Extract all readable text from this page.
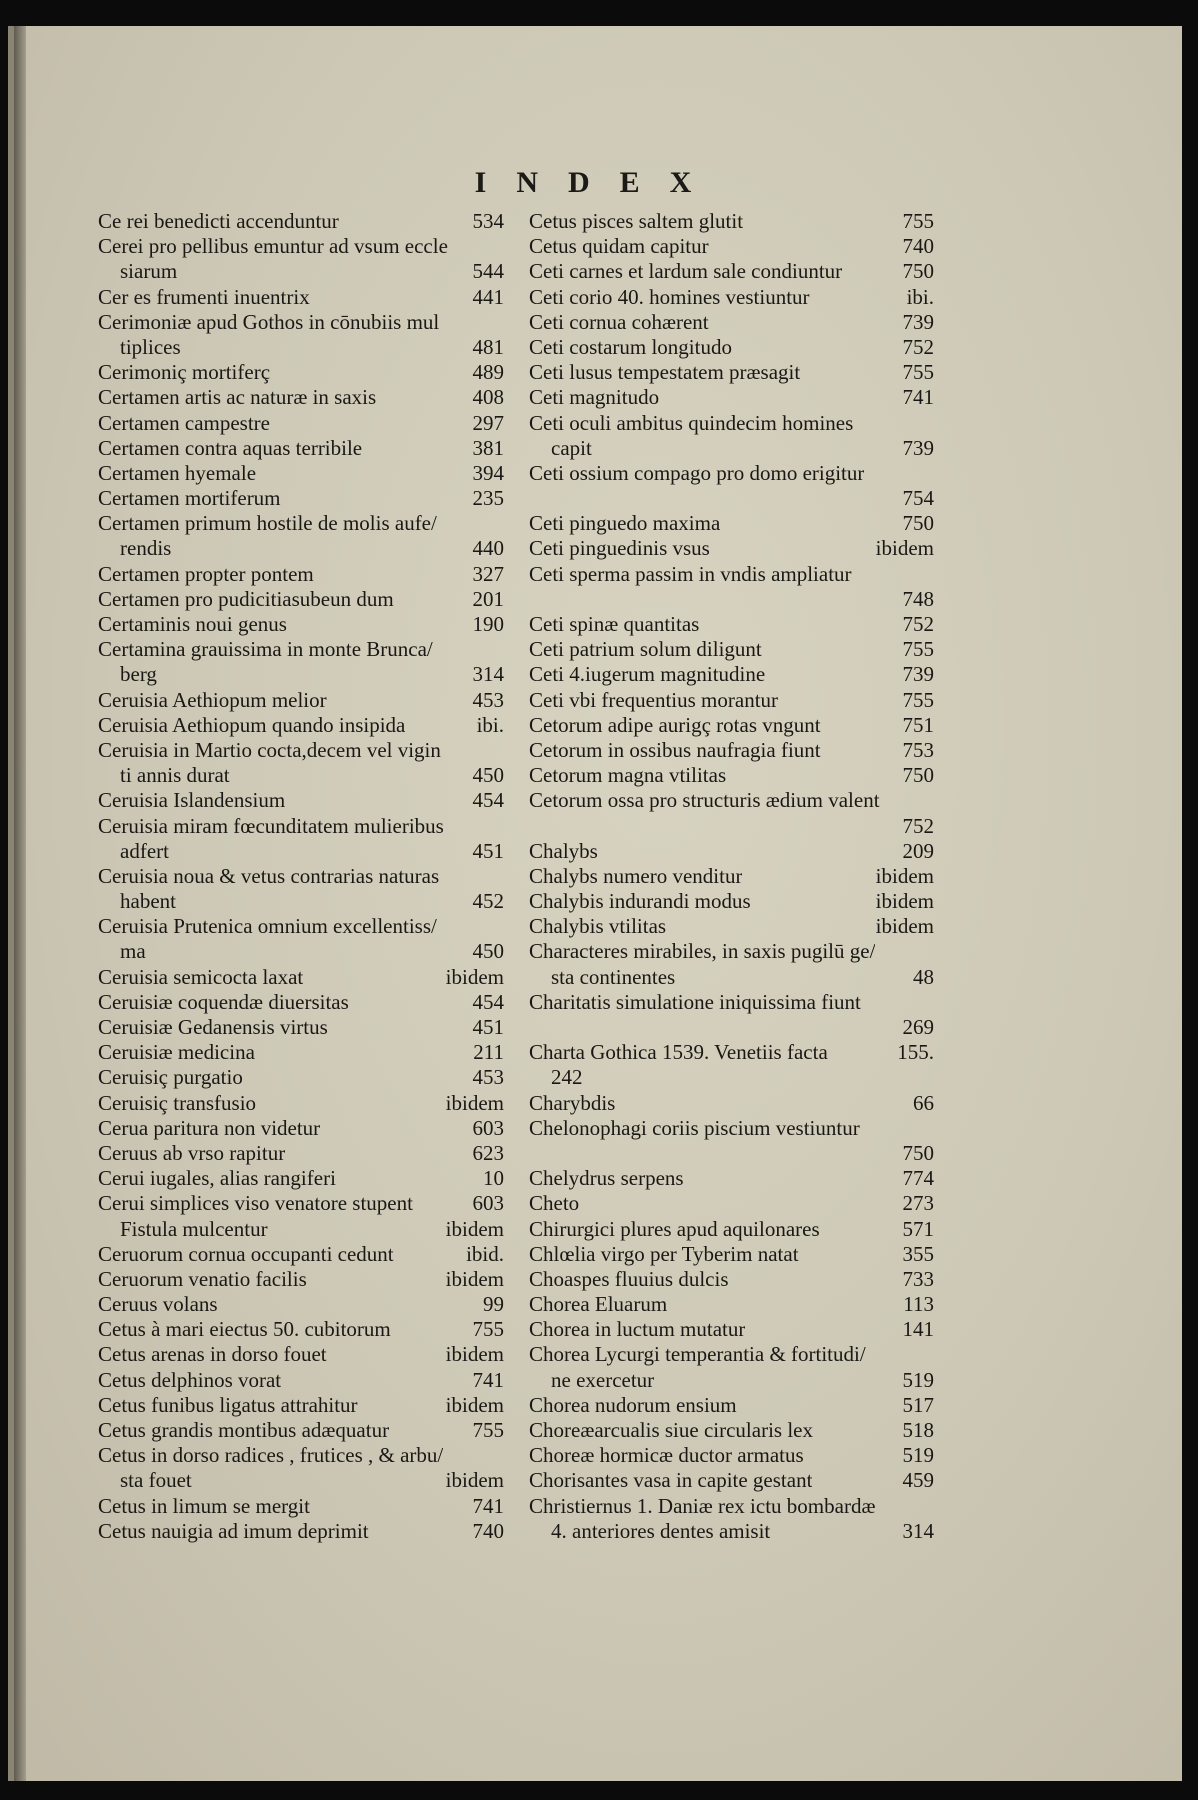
INDEX
Ce rei benedicti accenduntur	534
Cerei pro pellibus emuntur ad vsum eccle
siarum	544
Cer es frumenti inuentrix	441
Cerimoniæ apud Gothos in cōnubiis mul
tiplices	481
Cerimoniç mortiferç	489
Certamen artis ac naturæ in saxis	408
Certamen campestre	297
Certamen contra aquas terribile	381
Certamen hyemale	394
Certamen mortiferum	235
Certamen primum hostile de molis aufe/
rendis	440
Certamen propter pontem	327
Certamen pro pudicitiasubeun dum	201
Certaminis noui genus	190
Certamina grauissima in monte Brunca/
berg	314
Ceruisia Aethiopum melior	453
Ceruisia Aethiopum quando insipida	ibi.
Ceruisia in Martio cocta,decem vel vigin
ti annis durat	450
Ceruisia Islandensium	454
Ceruisia miram fœcunditatem mulieribus
adfert	451
Ceruisia noua & vetus contrarias naturas
habent	452
Ceruisia Prutenica omnium excellentiss/
ma	450
Ceruisia semicocta laxat	ibidem
Ceruisiæ coquendæ diuersitas	454
Ceruisiæ Gedanensis virtus	451
Ceruisiæ medicina	211
Ceruisiç purgatio	453
Ceruisiç transfusio	ibidem
Cerua paritura non videtur	603
Ceruus ab vrso rapitur	623
Cerui iugales, alias rangiferi	10
Cerui simplices viso venatore stupent	603
Fistula mulcentur	ibidem
Ceruorum cornua occupanti cedunt	ibid.
Ceruorum venatio facilis	ibidem
Ceruus volans	99
Cetus à mari eiectus 50. cubitorum	755
Cetus arenas in dorso fouet	ibidem
Cetus delphinos vorat	741
Cetus funibus ligatus attrahitur	ibidem
Cetus grandis montibus adæquatur	755
Cetus in dorso radices , frutices , & arbu/
sta fouet	ibidem
Cetus in limum se mergit	741
Cetus nauigia ad imum deprimit	740
Cetus pisces saltem glutit	755
Cetus quidam capitur	740
Ceti carnes et lardum sale condiuntur	750
Ceti corio 40. homines vestiuntur	ibi.
Ceti cornua cohærent	739
Ceti costarum longitudo	752
Ceti lusus tempestatem præsagit	755
Ceti magnitudo	741
Ceti oculi ambitus quindecim homines
capit	739
Ceti ossium compago pro domo erigitur
754
Ceti pinguedo maxima	750
Ceti pinguedinis vsus	ibidem
Ceti sperma passim in vndis ampliatur
748
Ceti spinæ quantitas	752
Ceti patrium solum diligunt	755
Ceti 4.iugerum magnitudine	739
Ceti vbi frequentius morantur	755
Cetorum adipe aurigç rotas vngunt	751
Cetorum in ossibus naufragia fiunt	753
Cetorum magna vtilitas	750
Cetorum ossa pro structuris ædium valent
752
Chalybs	209
Chalybs numero venditur	ibidem
Chalybis indurandi modus	ibidem
Chalybis vtilitas	ibidem
Characteres mirabiles, in saxis pugilū ge/
sta continentes	48
Charitatis simulatione iniquissima fiunt
269
Charta Gothica 1539. Venetiis facta	155.
242
Charybdis	66
Chelonophagi coriis piscium vestiuntur
750
Chelydrus serpens	774
Cheto	273
Chirurgici plures apud aquilonares	571
Chlœlia virgo per Tyberim natat	355
Choaspes fluuius dulcis	733
Chorea Eluarum	113
Chorea in luctum mutatur	141
Chorea Lycurgi temperantia & fortitudi/
ne exercetur	519
Chorea nudorum ensium	517
Choreæarcualis siue circularis lex	518
Choreæ hormicæ ductor armatus	519
Chorisantes vasa in capite gestant	459
Christiernus 1. Daniæ rex ictu bombardæ
4. anteriores dentes amisit	314
